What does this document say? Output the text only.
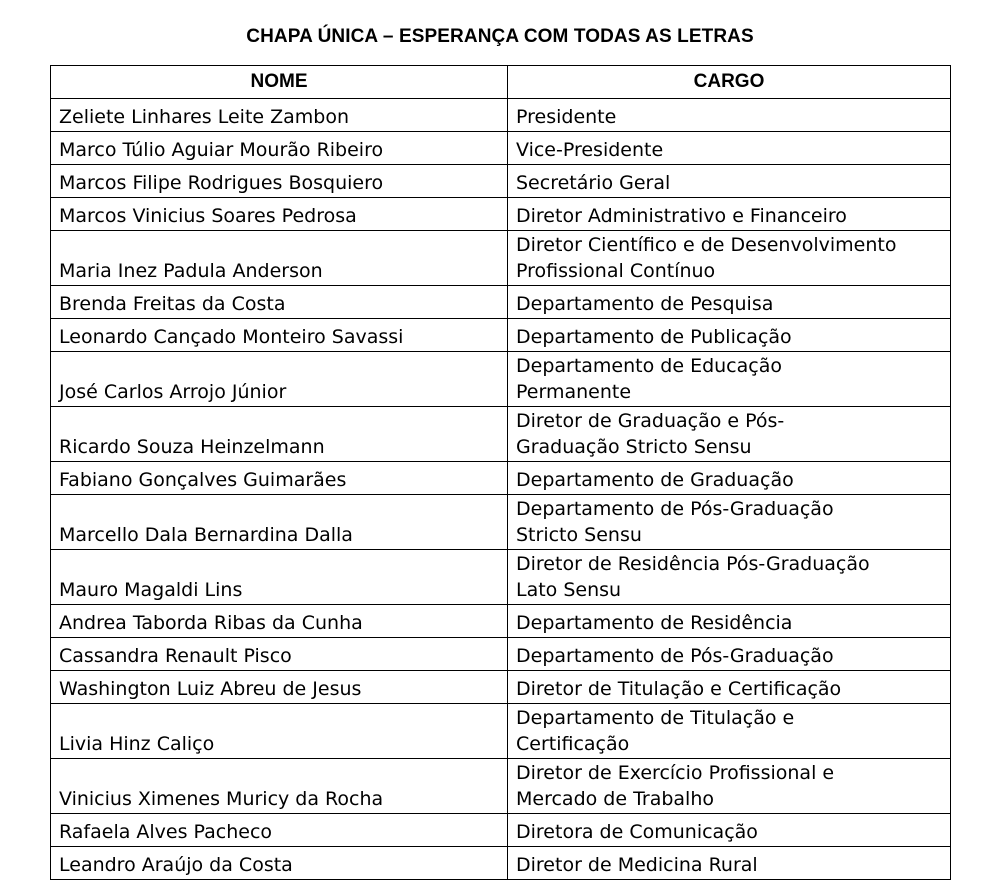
CHAPA ÚNICA – ESPERANÇA COM TODAS AS LETRAS
NOME	CARGO
Zeliete Linhares Leite Zambon	Presidente

Marco Túlio Aguiar Mourão Ribeiro	Vice-Presidente

Marcos Filipe Rodrigues Bosquiero	Secretário Geral

Marcos Vinicius Soares Pedrosa	Diretor Administrativo e Financeiro

Maria Inez Padula Anderson	Diretor Científico e de Desenvolvimento
Profissional Contínuo

Brenda Freitas da Costa	Departamento de Pesquisa

Leonardo Cançado Monteiro Savassi	Departamento de Publicação

José Carlos Arrojo Júnior	Departamento de Educação
Permanente

Ricardo Souza Heinzelmann	Diretor de Graduação e Pós-
Graduação Stricto Sensu

Fabiano Gonçalves Guimarães	Departamento de Graduação

Marcello Dala Bernardina Dalla	Departamento de Pós-Graduação
Stricto Sensu

Mauro Magaldi Lins	Diretor de Residência Pós-Graduação
Lato Sensu

Andrea Taborda Ribas da Cunha	Departamento de Residência

Cassandra Renault Pisco	Departamento de Pós-Graduação

Washington Luiz Abreu de Jesus	Diretor de Titulação e Certificação

Livia Hinz Caliço	Departamento de Titulação e
Certificação

Vinicius Ximenes Muricy da Rocha	Diretor de Exercício Profissional e
Mercado de Trabalho

Rafaela Alves Pacheco	Diretora de Comunicação

Leandro Araújo da Costa	Diretor de Medicina Rural
